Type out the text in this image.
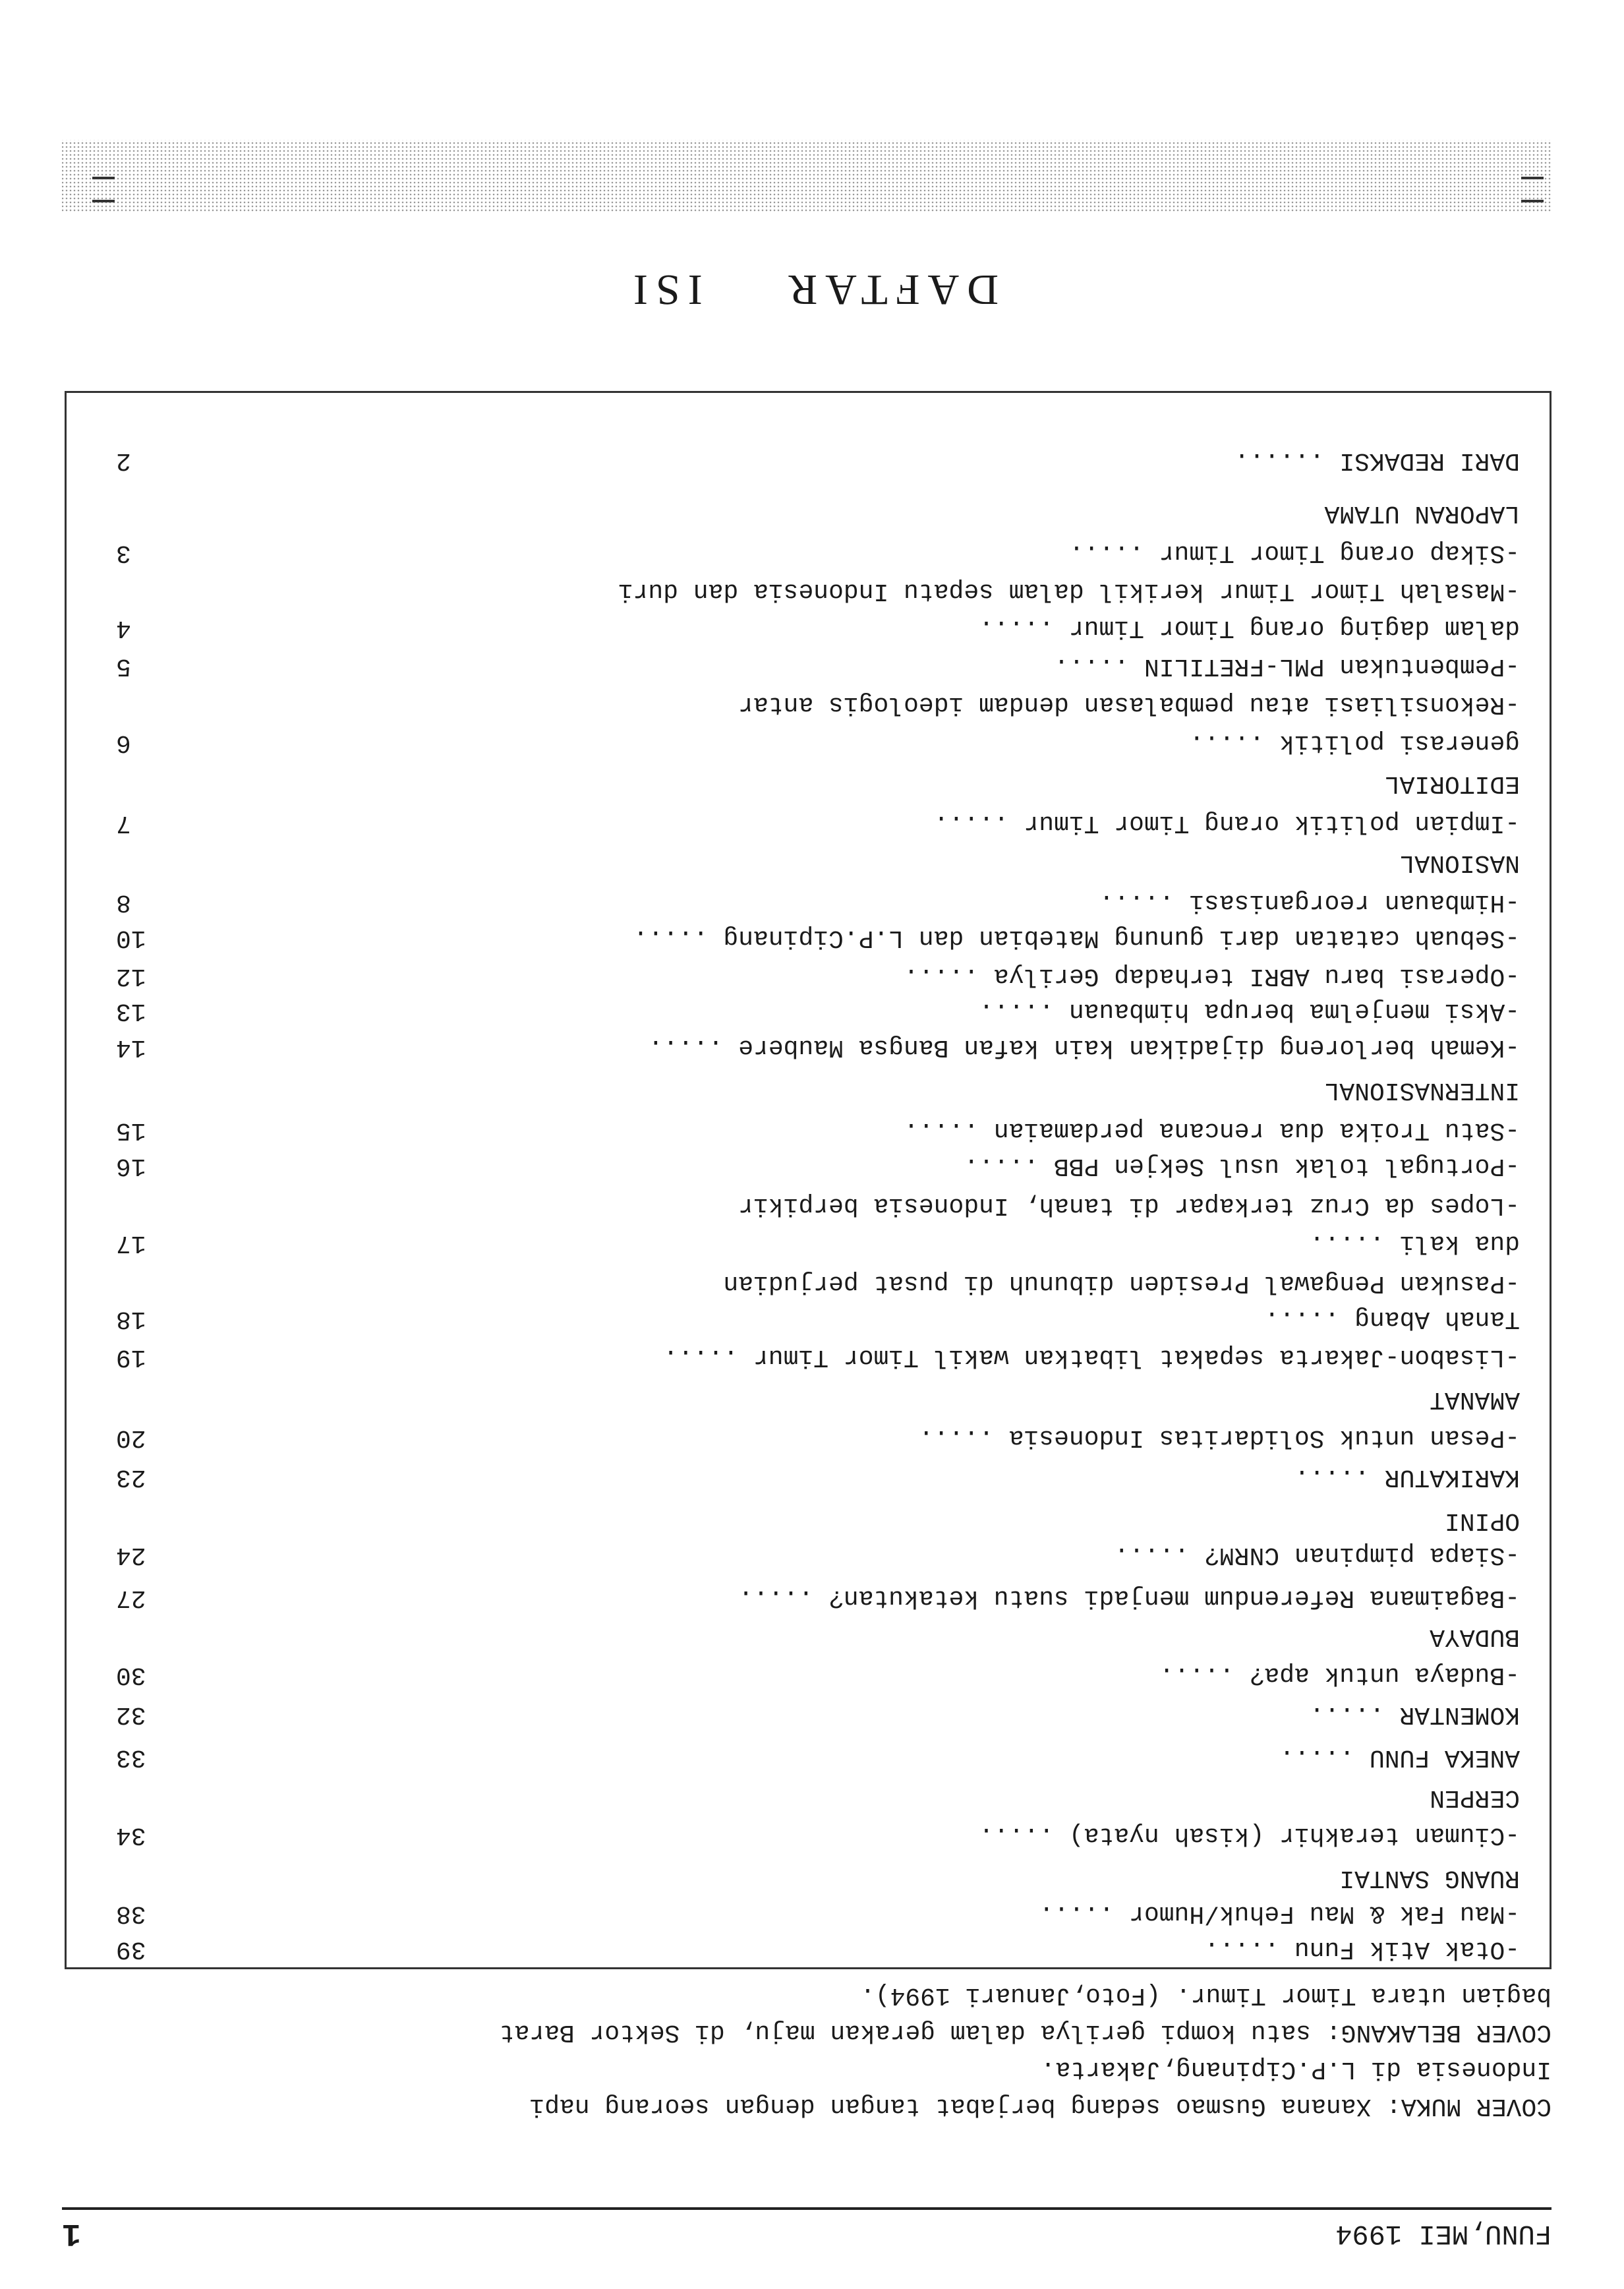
FUNU,MEI 1994
1

COVER MUKA: Xanana Gusmao sedang berjabat tangan dengan seorang napi

Indonesia di L.P.Cipinang,Jakarta.

COVER BELAKANG: satu kompi gerilya dalam gerakan maju, di Sektor Barat

bagian utara Timor Timur. (Foto,Januari 1994).

-Otak Atik Funu .....
39
-Mau Fak & Mau Fehuk/Humor .....
38
RUANG SANTAI
-Ciuman terakhir (kisah nyata) .....
34
CERPEN
ANEKA FUNU .....
33
KOMENTAR .....
32
-Budaya untuk apa? .....
30
BUDAYA
-Bagaimana Referendum menjadi suatu ketakutan? .....
27
-Siapa pimpinan CNRM? .....
24
OPINI
KARIKATUR .....
23
-Pesan untuk Solidaritas Indonesia .....
20
AMANAT
-Lisabon-Jakarta sepakat libatkan wakil Timor Timur .....
19
Tanah Abang .....
18
-Pasukan Pengawal Presiden dibunuh di pusat perjudian
dua kali .....
17
-Lopes da Cruz terkapar di tanah, Indonesia berpikir
-Portugal tolak usul Sekjen PBB .....
16
-Satu Troika dua rencana perdamaian .....
15
INTERNASIONAL
-Kemah berloreng dijadikan kain kafan Bangsa Maubere .....
14
-Aksi menjelma berupa himbauan .....
13
-Operasi baru ABRI terhadap Gerilya .....
12
-Sebuah catatan dari gunung Matebian dan L.P.Cipinang .....
10
-Himbauan reorganisasi .....
8
NASIONAL
-Impian politik orang Timor Timur .....
7
EDITORIAL
generasi politik .....
6
-Rekonsiliasi atau pembalasan dendam ideologis antar
-Pembentukan PML-FRETILIN .....
5
dalam daging orang Timor Timur .....
4
-Masalah Timor Timur kerikil dalam sepatu Indonesia dan duri
-Sikap orang Timor Timur .....
3
LAPORAN UTAMA
DARI REDAKSI ......
2
DAFTAR ISI
